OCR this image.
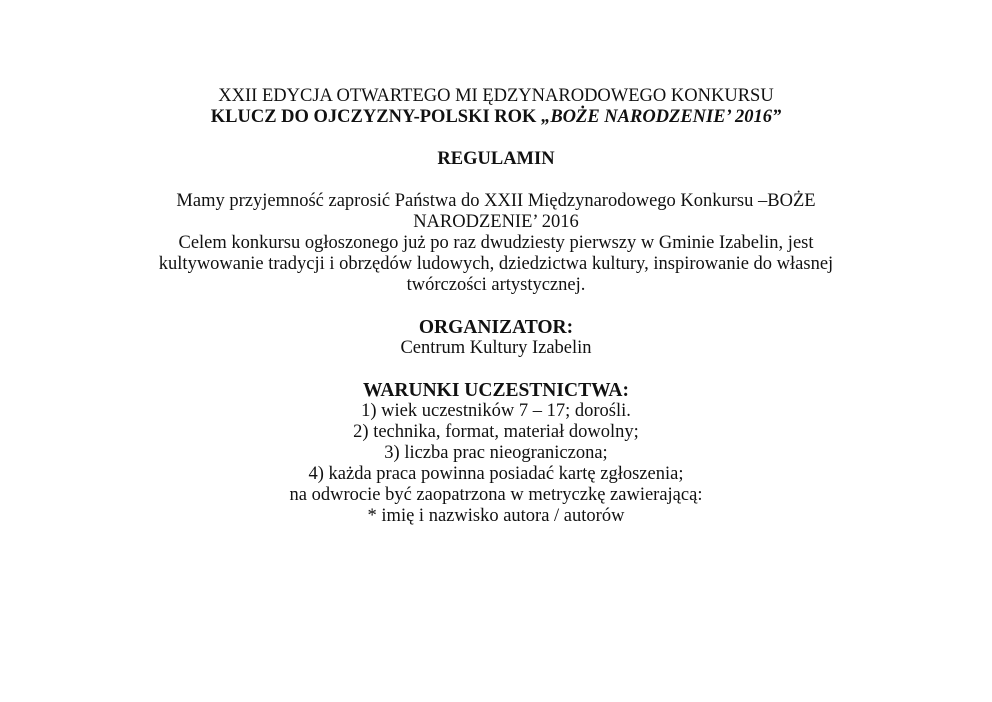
XXII EDYCJA OTWARTEGO MI ĘDZYNARODOWEGO KONKURSU
KLUCZ DO OJCZYZNY-POLSKI ROK „BOŻE NARODZENIE’ 2016”
REGULAMIN
Mamy przyjemność zaprosić Państwa do XXII Międzynarodowego Konkursu –BOŻE
NARODZENIE’ 2016
Celem konkursu ogłoszonego już po raz dwudziesty pierwszy w Gminie Izabelin, jest
kultywowanie tradycji i obrzędów ludowych, dziedzictwa kultury, inspirowanie do własnej
twórczości artystycznej.
ORGANIZATOR:
Centrum Kultury Izabelin
WARUNKI UCZESTNICTWA:
1) wiek uczestników 7 – 17; dorośli.
2) technika, format, materiał dowolny;
3) liczba prac nieograniczona;
4) każda praca powinna posiadać kartę zgłoszenia;
na odwrocie być zaopatrzona w metryczkę zawierającą:
* imię i nazwisko autora / autorów
